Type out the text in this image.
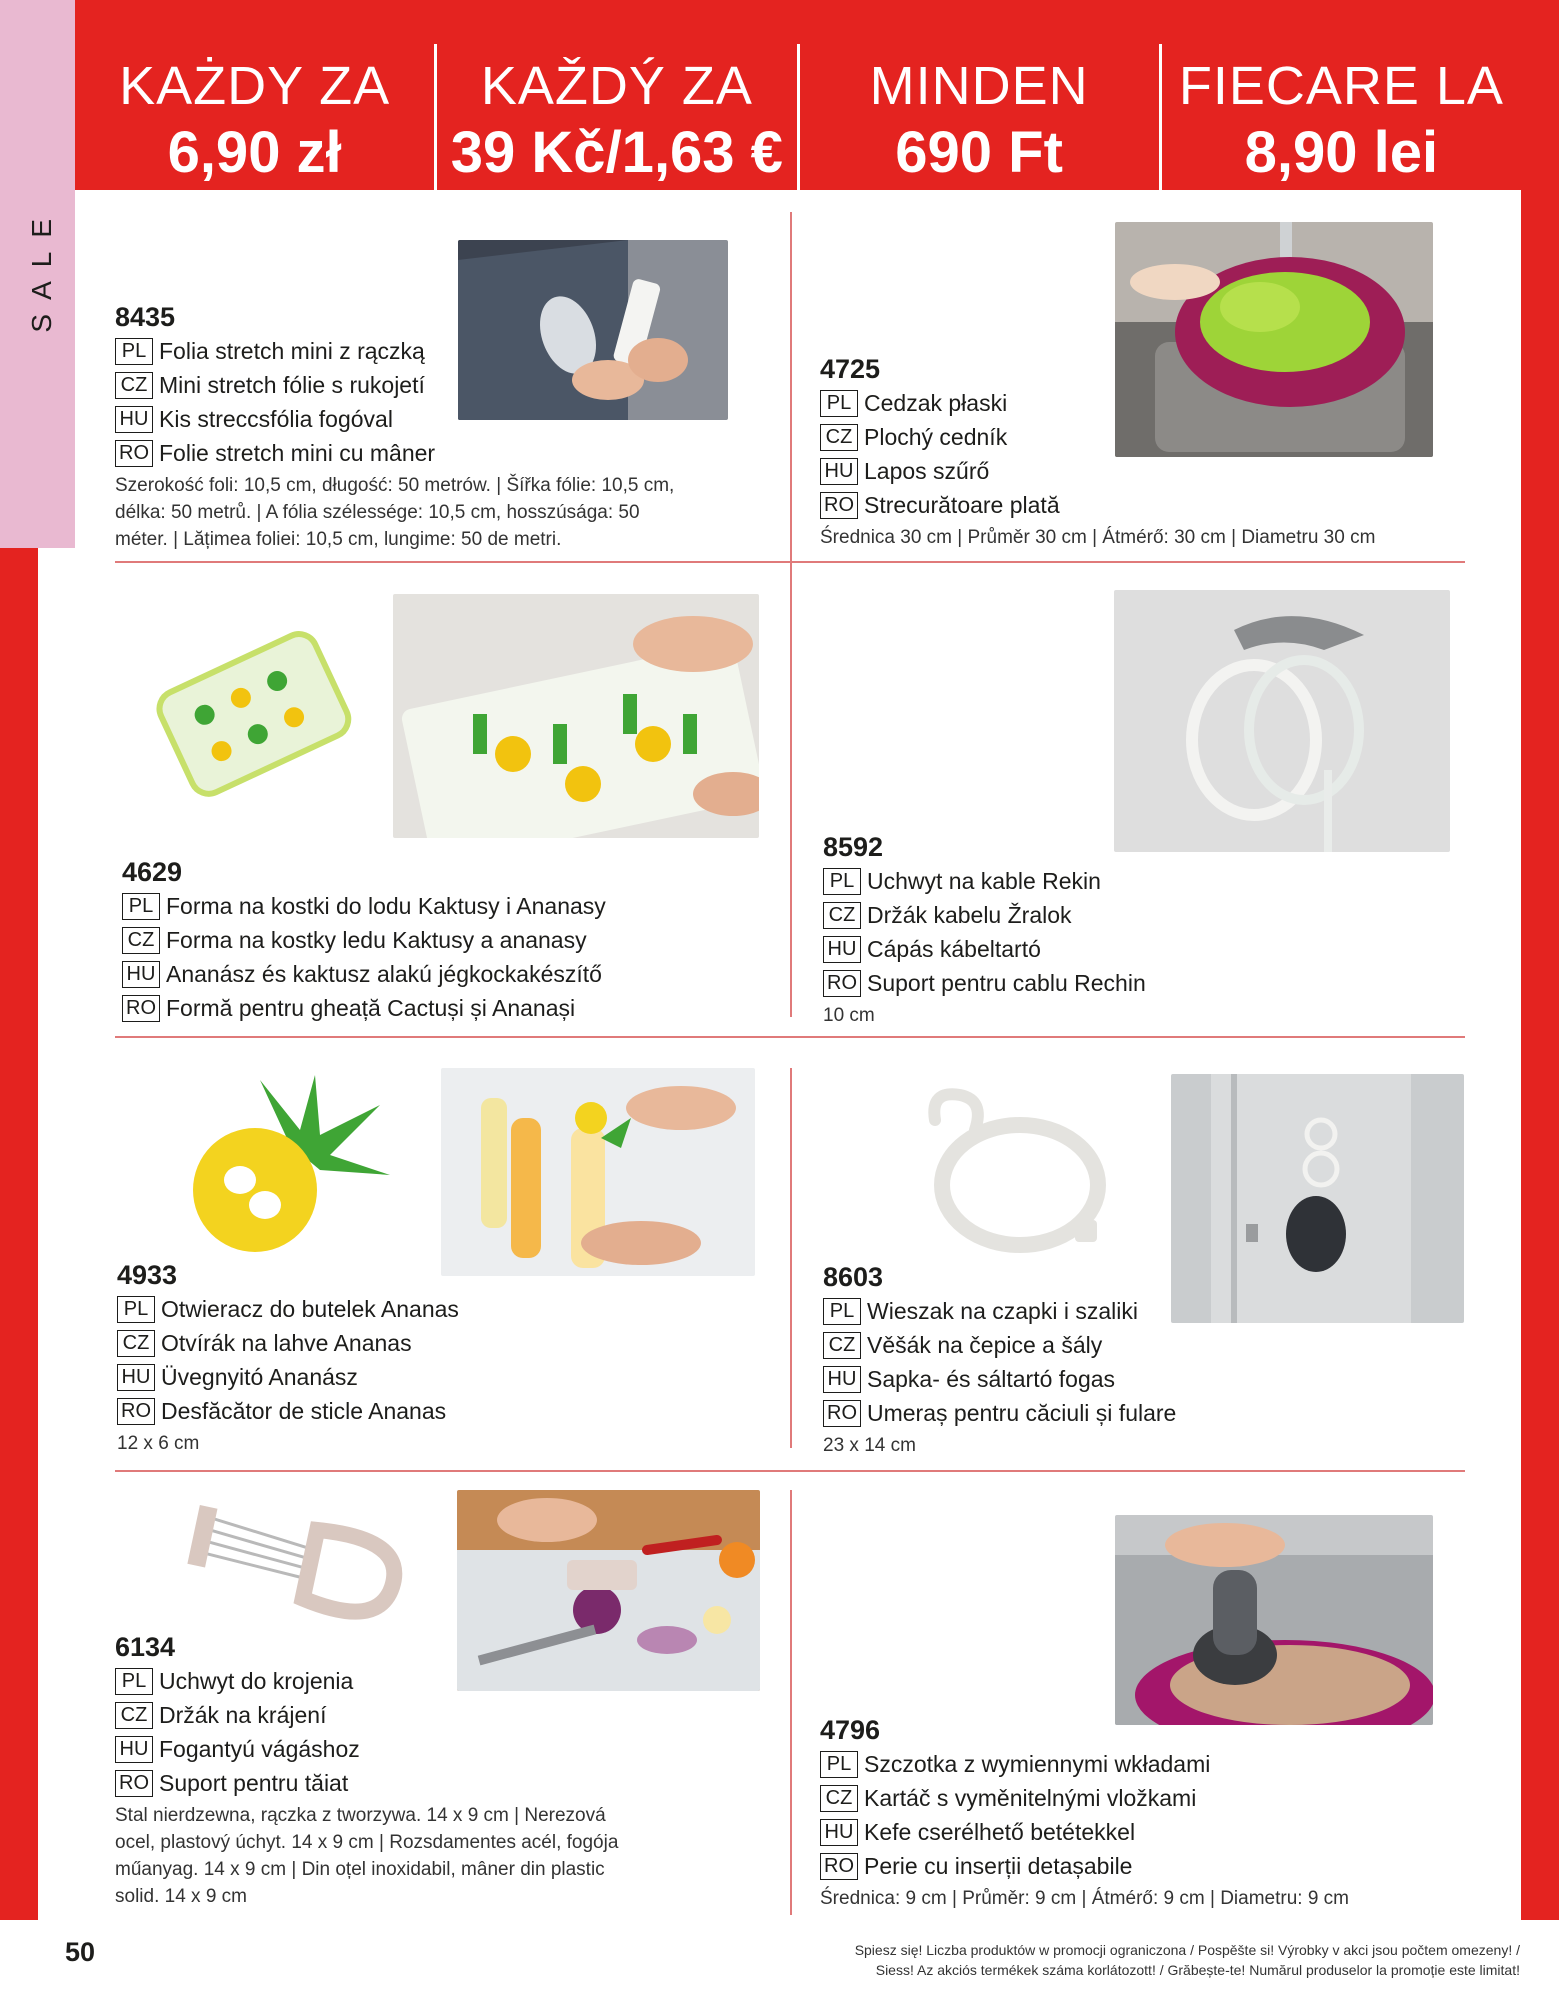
SALE
KAŻDY ZA
6,90 zł
KAŽDÝ ZA
39 Kč/1,63 €
MINDEN
690 Ft
FIECARE LA
8,90 lei
8435
PL Folia stretch mini z rączką
CZ Mini stretch fólie s rukojetí
HU Kis streccsfólia fogóval
RO Folie stretch mini cu mâner
Szerokość foli: 10,5 cm, długość: 50 metrów. | Šířka fólie: 10,5 cm, délka: 50 metrů. | A fólia szélessége: 10,5 cm, hosszúsága: 50 méter. | Lățimea foliei: 10,5 cm, lungime: 50 de metri.
4725
PL Cedzak płaski
CZ Plochý cedník
HU Lapos szűrő
RO Strecurătoare plată
Średnica 30 cm | Průměr 30 cm | Átmérő: 30 cm | Diametru 30 cm
4629
PL Forma na kostki do lodu Kaktusy i Ananasy
CZ Forma na kostky ledu Kaktusy a ananasy
HU Ananász és kaktusz alakú jégkockakészítő
RO Formă pentru gheață Cactuși și Ananași
8592
PL Uchwyt na kable Rekin
CZ Držák kabelu Žralok
HU Cápás kábeltartó
RO Suport pentru cablu Rechin
10 cm
4933
PL Otwieracz do butelek Ananas
CZ Otvírák na lahve Ananas
HU Üvegnyitó Ananász
RO Desfăcător de sticle Ananas
12 x 6 cm
8603
PL Wieszak na czapki i szaliki
CZ Věšák na čepice a šály
HU Sapka- és sáltartó fogas
RO Umeraș pentru căciuli și fulare
23 x 14 cm
6134
PL Uchwyt do krojenia
CZ Držák na krájení
HU Fogantyú vágáshoz
RO Suport pentru tăiat
Stal nierdzewna, rączka z tworzywa. 14 x 9 cm | Nerezová ocel, plastový úchyt. 14 x 9 cm | Rozsdamentes acél, fogója műanyag. 14 x 9 cm | Din oțel inoxidabil, mâner din plastic solid. 14 x 9 cm
4796
PL Szczotka z wymiennymi wkładami
CZ Kartáč s vyměnitelnými vložkami
HU Kefe cserélhető betétekkel
RO Perie cu inserții detașabile
Średnica: 9 cm | Průměr: 9 cm | Átmérő: 9 cm | Diametru: 9 cm
50	Spiesz się! Liczba produktów w promocji ograniczona / Pospěšte si! Výrobky v akci jsou počtem omezeny! /
Siess! Az akciós termékek száma korlátozott! / Grăbește-te! Numărul produselor la promoție este limitat!
